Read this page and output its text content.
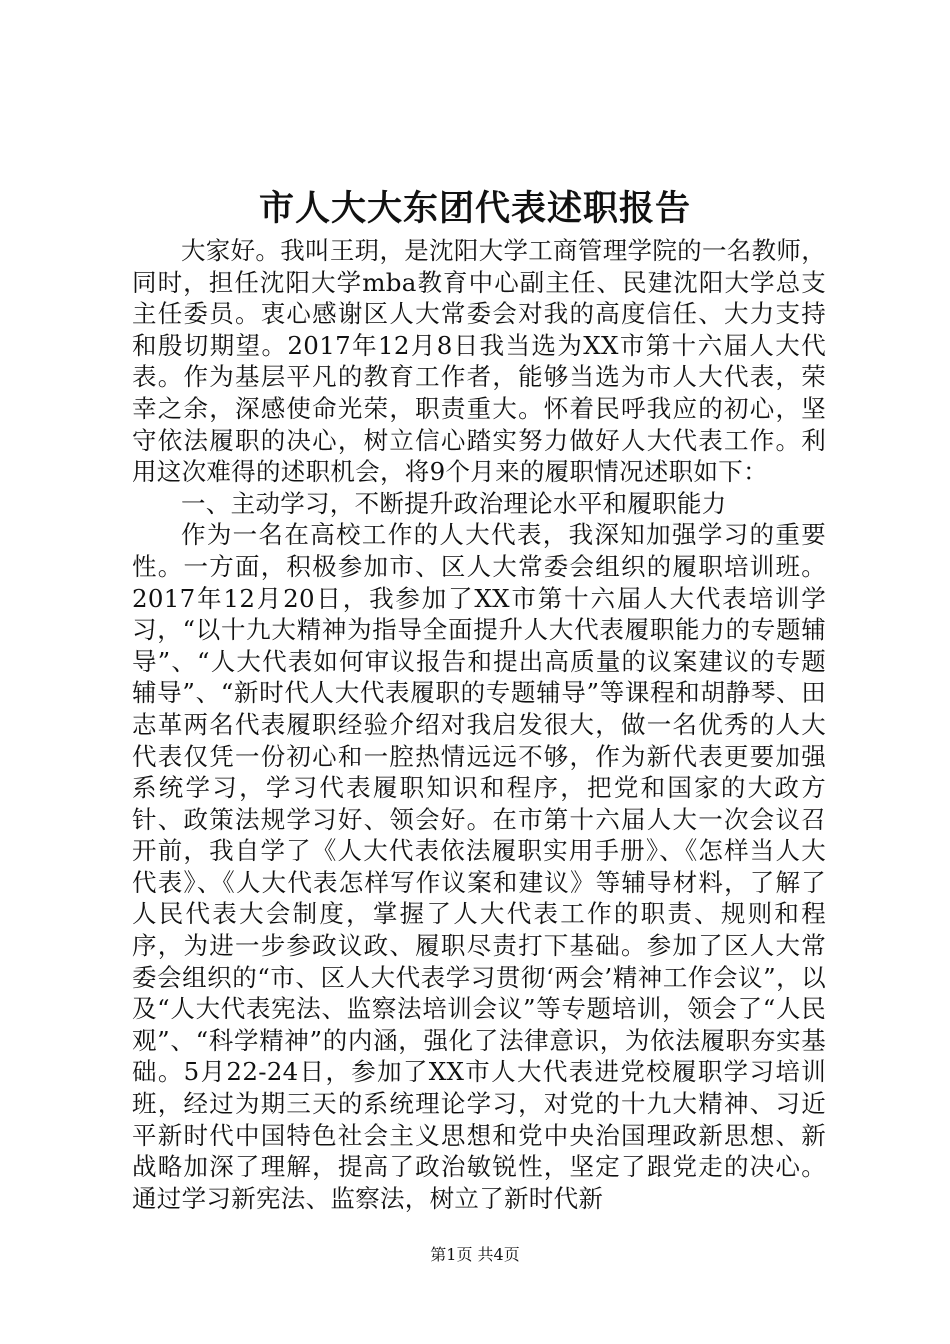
市人大大东团代表述职报告

大家好。我叫王玥，是沈阳大学工商管理学院的一名教师，同时，担任沈阳大学mba教育中心副主任、民建沈阳大学总支主任委员。衷心感谢区人大常委会对我的高度信任、大力支持和殷切期望。2017年12月8日我当选为XX市第十六届人大代表。作为基层平凡的教育工作者，能够当选为市人大代表，荣幸之余，深感使命光荣，职责重大。怀着民呼我应的初心，坚守依法履职的决心，树立信心踏实努力做好人大代表工作。利用这次难得的述职机会，将9个月来的履职情况述职如下：

一、主动学习，不断提升政治理论水平和履职能力

作为一名在高校工作的人大代表，我深知加强学习的重要性。一方面，积极参加市、区人大常委会组织的履职培训班。2017年12月20日，我参加了XX市第十六届人大代表培训学习，“以十九大精神为指导全面提升人大代表履职能力的专题辅导”、“人大代表如何审议报告和提出高质量的议案建议的专题辅导”、“新时代人大代表履职的专题辅导”等课程和胡静琴、田志革两名代表履职经验介绍对我启发很大，做一名优秀的人大代表仅凭一份初心和一腔热情远远不够，作为新代表更要加强系统学习，学习代表履职知识和程序，把党和国家的大政方针、政策法规学习好、领会好。在市第十六届人大一次会议召开前，我自学了《人大代表依法履职实用手册》、《怎样当人大代表》、《人大代表怎样写作议案和建议》等辅导材料，了解了人民代表大会制度，掌握了人大代表工作的职责、规则和程序，为进一步参政议政、履职尽责打下基础。参加了区人大常委会组织的“市、区人大代表学习贯彻‘两会’精神工作会议”，以及“人大代表宪法、监察法培训会议”等专题培训，领会了“人民观”、“科学精神”的内涵，强化了法律意识，为依法履职夯实基础。5月22-24日，参加了XX市人大代表进党校履职学习培训班，经过为期三天的系统理论学习，对党的十九大精神、习近平新时代中国特色社会主义思想和党中央治国理政新思想、新战略加深了理解，提高了政治敏锐性，坚定了跟党走的决心。通过学习新宪法、监察法，树立了新时代新

第1页 共4页
